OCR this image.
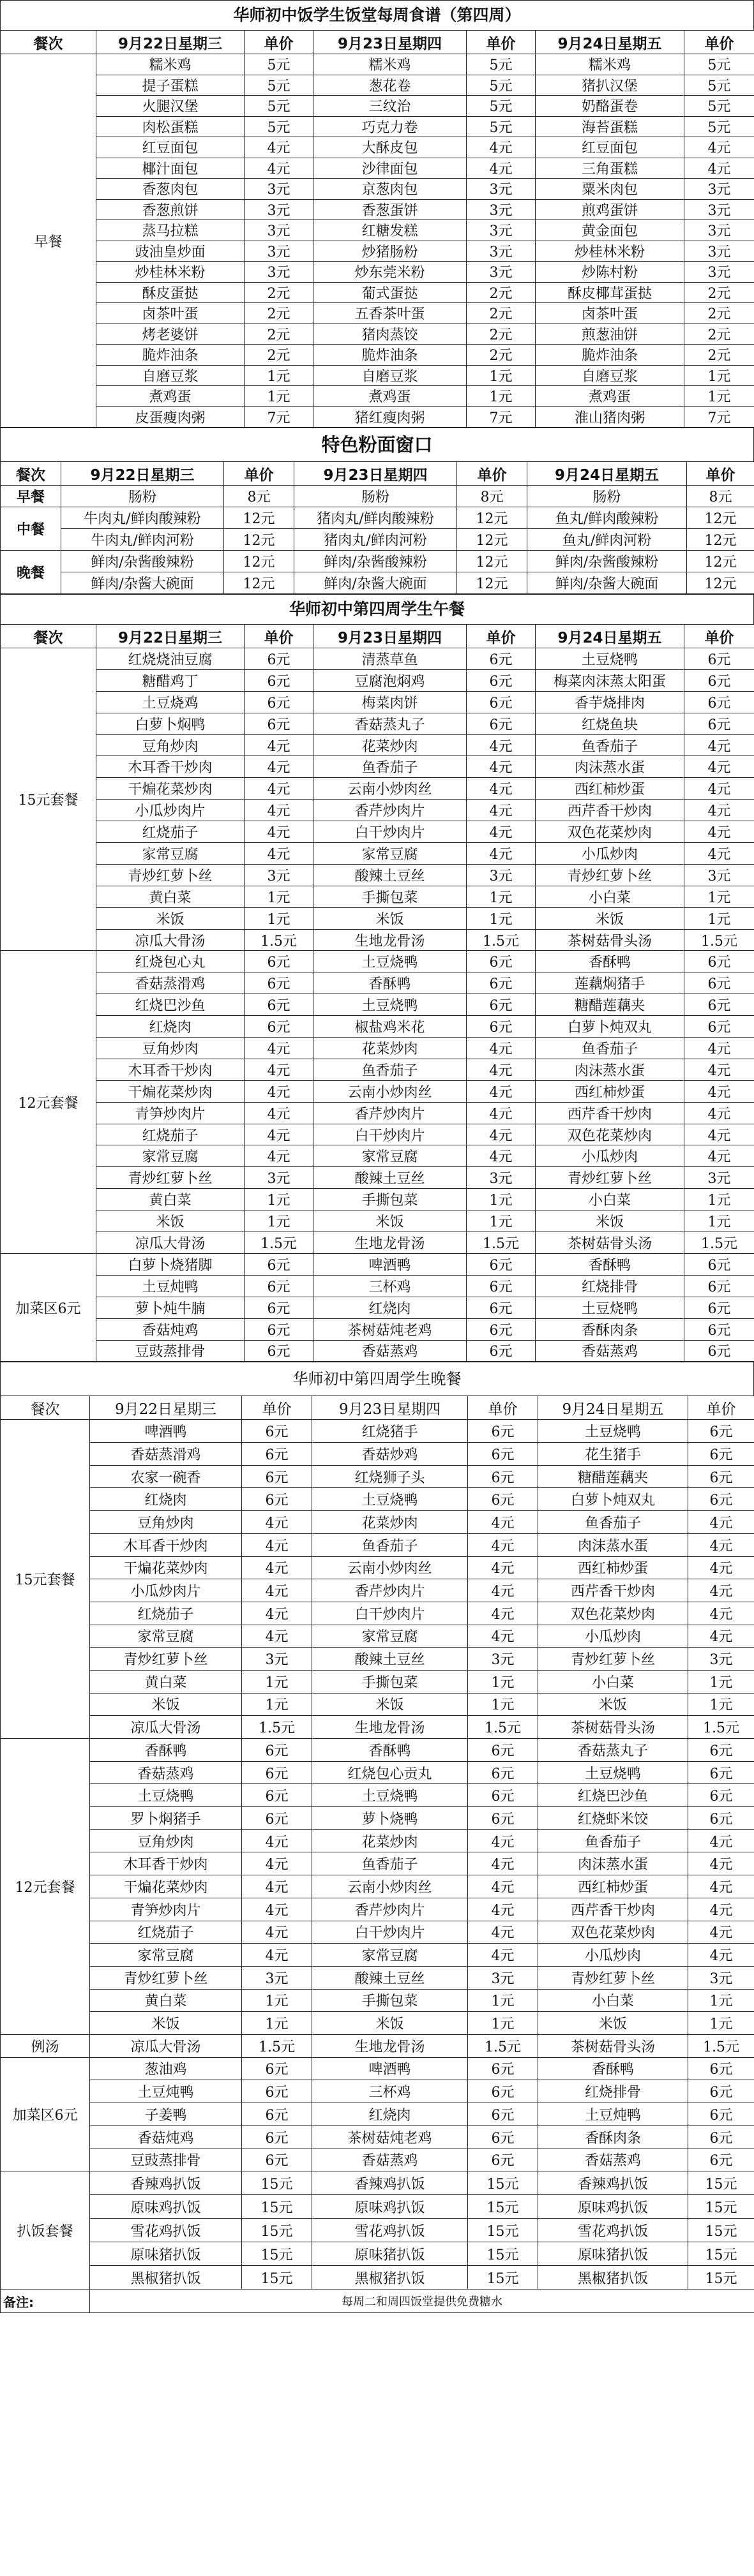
华师初中饭学生饭堂每周食谱（第四周）
餐次	9月22日星期三	单价	9月23日星期四	单价	9月24日星期五	单价
早餐	糯米鸡	5元	糯米鸡	5元	糯米鸡	5元
	提子蛋糕	5元	葱花卷	5元	猪扒汉堡	5元
	火腿汉堡	5元	三纹治	5元	奶酪蛋卷	5元
	肉松蛋糕	5元	巧克力卷	5元	海苔蛋糕	5元
	红豆面包	4元	大酥皮包	4元	红豆面包	4元
	椰汁面包	4元	沙律面包	4元	三角蛋糕	4元
	香葱肉包	3元	京葱肉包	3元	粟米肉包	3元
	香葱煎饼	3元	香葱蛋饼	3元	煎鸡蛋饼	3元
	蒸马拉糕	3元	红糖发糕	3元	黄金面包	3元
	豉油皇炒面	3元	炒猪肠粉	3元	炒桂林米粉	3元
	炒桂林米粉	3元	炒东莞米粉	3元	炒陈村粉	3元
	酥皮蛋挞	2元	葡式蛋挞	2元	酥皮椰茸蛋挞	2元
	卤茶叶蛋	2元	五香茶叶蛋	2元	卤茶叶蛋	2元
	烤老婆饼	2元	猪肉蒸饺	2元	煎葱油饼	2元
	脆炸油条	2元	脆炸油条	2元	脆炸油条	2元
	自磨豆浆	1元	自磨豆浆	1元	自磨豆浆	1元
	煮鸡蛋	1元	煮鸡蛋	1元	煮鸡蛋	1元
	皮蛋瘦肉粥	7元	猪红瘦肉粥	7元	淮山猪肉粥	7元
特色粉面窗口
餐次	9月22日星期三	单价	9月23日星期四	单价	9月24日星期五	单价
早餐	肠粉	8元	肠粉	8元	肠粉	8元
中餐	牛肉丸/鲜肉酸辣粉	12元	猪肉丸/鲜肉酸辣粉	12元	鱼丸/鲜肉酸辣粉	12元
	牛肉丸/鲜肉河粉	12元	猪肉丸/鲜肉河粉	12元	鱼丸/鲜肉河粉	12元
晚餐	鲜肉/杂酱酸辣粉	12元	鲜肉/杂酱酸辣粉	12元	鲜肉/杂酱酸辣粉	12元
	鲜肉/杂酱大碗面	12元	鲜肉/杂酱大碗面	12元	鲜肉/杂酱大碗面	12元
华师初中第四周学生午餐
餐次	9月22日星期三	单价	9月23日星期四	单价	9月24日星期五	单价
15元套餐	红烧烧油豆腐	6元	清蒸草鱼	6元	土豆烧鸭	6元
	糖醋鸡丁	6元	豆腐泡焖鸡	6元	梅菜肉沫蒸太阳蛋	6元
	土豆烧鸡	6元	梅菜肉饼	6元	香芋烧排肉	6元
	白萝卜焖鸭	6元	香菇蒸丸子	6元	红烧鱼块	6元
	豆角炒肉	4元	花菜炒肉	4元	鱼香茄子	4元
	木耳香干炒肉	4元	鱼香茄子	4元	肉沫蒸水蛋	4元
	干煸花菜炒肉	4元	云南小炒肉丝	4元	西红柿炒蛋	4元
	小瓜炒肉片	4元	香芹炒肉片	4元	西芹香干炒肉	4元
	红烧茄子	4元	白干炒肉片	4元	双色花菜炒肉	4元
	家常豆腐	4元	家常豆腐	4元	小瓜炒肉	4元
	青炒红萝卜丝	3元	酸辣土豆丝	3元	青炒红萝卜丝	3元
	黄白菜	1元	手撕包菜	1元	小白菜	1元
	米饭	1元	米饭	1元	米饭	1元
	凉瓜大骨汤	1.5元	生地龙骨汤	1.5元	茶树菇骨头汤	1.5元
12元套餐	红烧包心丸	6元	土豆烧鸭	6元	香酥鸭	6元
	香菇蒸滑鸡	6元	香酥鸭	6元	莲藕焖猪手	6元
	红烧巴沙鱼	6元	土豆烧鸭	6元	糖醋莲藕夹	6元
	红烧肉	6元	椒盐鸡米花	6元	白萝卜炖双丸	6元
	豆角炒肉	4元	花菜炒肉	4元	鱼香茄子	4元
	木耳香干炒肉	4元	鱼香茄子	4元	肉沫蒸水蛋	4元
	干煸花菜炒肉	4元	云南小炒肉丝	4元	西红柿炒蛋	4元
	青笋炒肉片	4元	香芹炒肉片	4元	西芹香干炒肉	4元
	红烧茄子	4元	白干炒肉片	4元	双色花菜炒肉	4元
	家常豆腐	4元	家常豆腐	4元	小瓜炒肉	4元
	青炒红萝卜丝	3元	酸辣土豆丝	3元	青炒红萝卜丝	3元
	黄白菜	1元	手撕包菜	1元	小白菜	1元
	米饭	1元	米饭	1元	米饭	1元
	凉瓜大骨汤	1.5元	生地龙骨汤	1.5元	茶树菇骨头汤	1.5元
加菜区6元	白萝卜烧猪脚	6元	啤酒鸭	6元	香酥鸭	6元
	土豆炖鸭	6元	三杯鸡	6元	红烧排骨	6元
	萝卜炖牛腩	6元	红烧肉	6元	土豆烧鸭	6元
	香菇炖鸡	6元	茶树菇炖老鸡	6元	香酥肉条	6元
	豆豉蒸排骨	6元	香菇蒸鸡	6元	香菇蒸鸡	6元
华师初中第四周学生晚餐
餐次	9月22日星期三	单价	9月23日星期四	单价	9月24日星期五	单价
15元套餐	啤酒鸭	6元	红烧猪手	6元	土豆烧鸭	6元
	香菇蒸滑鸡	6元	香菇炒鸡	6元	花生猪手	6元
	农家一碗香	6元	红烧狮子头	6元	糖醋莲藕夹	6元
	红烧肉	6元	土豆烧鸭	6元	白萝卜炖双丸	6元
	豆角炒肉	4元	花菜炒肉	4元	鱼香茄子	4元
	木耳香干炒肉	4元	鱼香茄子	4元	肉沫蒸水蛋	4元
	干煸花菜炒肉	4元	云南小炒肉丝	4元	西红柿炒蛋	4元
	小瓜炒肉片	4元	香芹炒肉片	4元	西芹香干炒肉	4元
	红烧茄子	4元	白干炒肉片	4元	双色花菜炒肉	4元
	家常豆腐	4元	家常豆腐	4元	小瓜炒肉	4元
	青炒红萝卜丝	3元	酸辣土豆丝	3元	青炒红萝卜丝	3元
	黄白菜	1元	手撕包菜	1元	小白菜	1元
	米饭	1元	米饭	1元	米饭	1元
	凉瓜大骨汤	1.5元	生地龙骨汤	1.5元	茶树菇骨头汤	1.5元
12元套餐	香酥鸭	6元	香酥鸭	6元	香菇蒸丸子	6元
	香菇蒸鸡	6元	红烧包心贡丸	6元	土豆烧鸭	6元
	土豆烧鸭	6元	土豆烧鸭	6元	红烧巴沙鱼	6元
	罗卜焖猪手	6元	萝卜烧鸭	6元	红烧虾米饺	6元
	豆角炒肉	4元	花菜炒肉	4元	鱼香茄子	4元
	木耳香干炒肉	4元	鱼香茄子	4元	肉沫蒸水蛋	4元
	干煸花菜炒肉	4元	云南小炒肉丝	4元	西红柿炒蛋	4元
	青笋炒肉片	4元	香芹炒肉片	4元	西芹香干炒肉	4元
	红烧茄子	4元	白干炒肉片	4元	双色花菜炒肉	4元
	家常豆腐	4元	家常豆腐	4元	小瓜炒肉	4元
	青炒红萝卜丝	3元	酸辣土豆丝	3元	青炒红萝卜丝	3元
	黄白菜	1元	手撕包菜	1元	小白菜	1元
	米饭	1元	米饭	1元	米饭	1元
例汤	凉瓜大骨汤	1.5元	生地龙骨汤	1.5元	茶树菇骨头汤	1.5元
加菜区6元	葱油鸡	6元	啤酒鸭	6元	香酥鸭	6元
	土豆炖鸭	6元	三杯鸡	6元	红烧排骨	6元
	子姜鸭	6元	红烧肉	6元	土豆炖鸭	6元
	香菇炖鸡	6元	茶树菇炖老鸡	6元	香酥肉条	6元
	豆豉蒸排骨	6元	香菇蒸鸡	6元	香菇蒸鸡	6元
扒饭套餐	香辣鸡扒饭	15元	香辣鸡扒饭	15元	香辣鸡扒饭	15元
	原味鸡扒饭	15元	原味鸡扒饭	15元	原味鸡扒饭	15元
	雪花鸡扒饭	15元	雪花鸡扒饭	15元	雪花鸡扒饭	15元
	原味猪扒饭	15元	原味猪扒饭	15元	原味猪扒饭	15元
	黑椒猪扒饭	15元	黑椒猪扒饭	15元	黑椒猪扒饭	15元
备注:	每周二和周四饭堂提供免费糖水					
